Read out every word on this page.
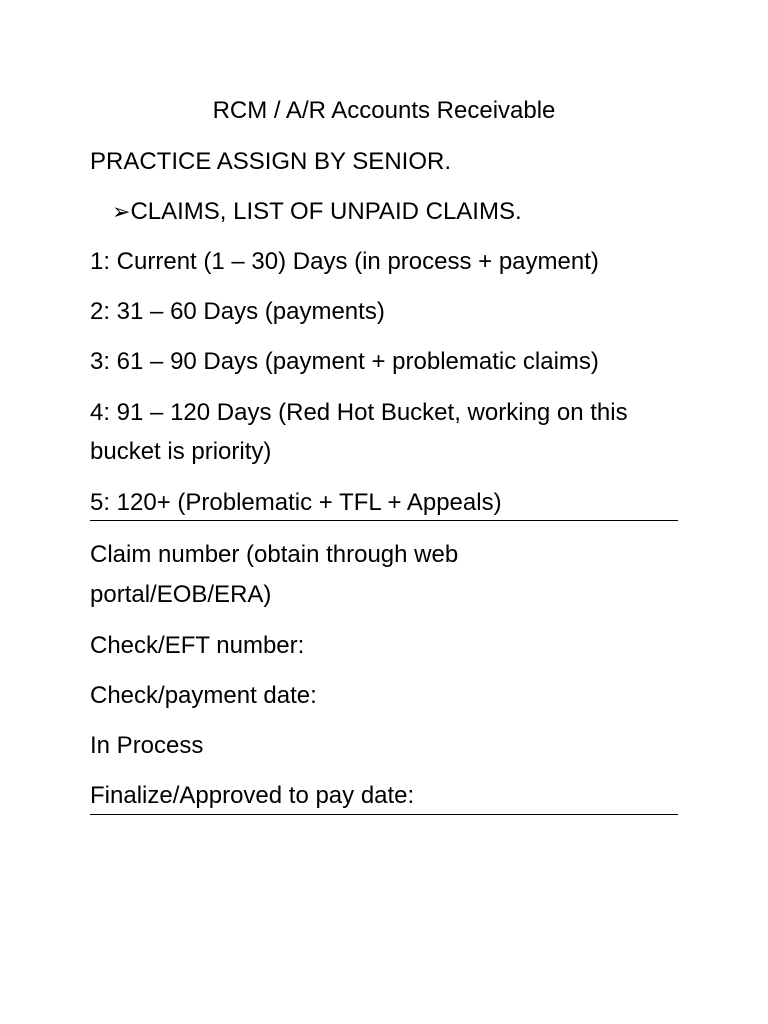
RCM / A/R Accounts Receivable
PRACTICE ASSIGN BY SENIOR.
➢CLAIMS, LIST OF UNPAID CLAIMS.
1: Current (1 – 30) Days (in process + payment)
2: 31 – 60 Days (payments)
3: 61 – 90 Days (payment + problematic claims)
4: 91 – 120 Days (Red Hot Bucket, working on this
bucket is priority)
5: 120+ (Problematic + TFL + Appeals)
Claim number (obtain through web
portal/EOB/ERA)
Check/EFT number:
Check/payment date:
In Process
Finalize/Approved to pay date:
